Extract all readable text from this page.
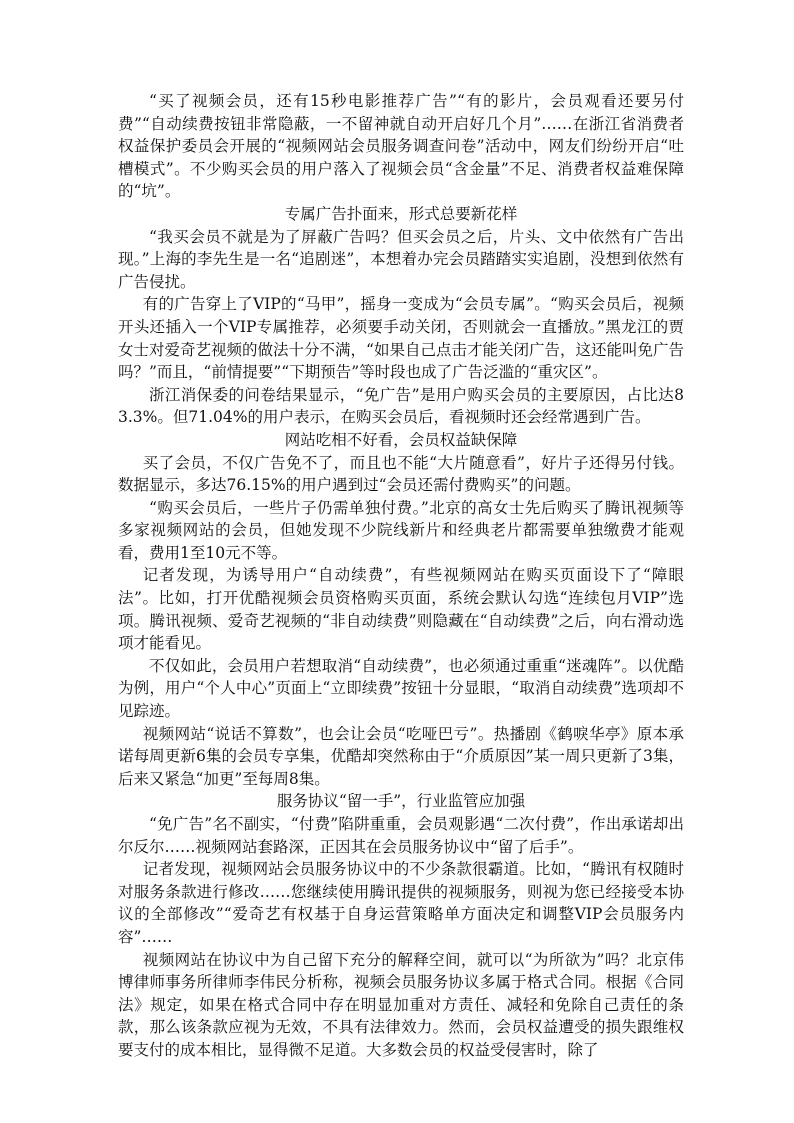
“买了视频会员，还有15秒电影推荐广告”“有的影片，会员观看还要另付费”“自动续费按钮非常隐蔽，一不留神就自动开启好几个月”……在浙江省消费者权益保护委员会开展的“视频网站会员服务调查问卷”活动中，网友们纷纷开启“吐槽模式”。不少购买会员的用户落入了视频会员“含金量”不足、消费者权益难保障的“坑”。

专属广告扑面来，形式总要新花样

“我买会员不就是为了屏蔽广告吗？但买会员之后，片头、文中依然有广告出现。”上海的李先生是一名“追剧迷”，本想着办完会员踏踏实实追剧，没想到依然有广告侵扰。

有的广告穿上了VIP的“马甲”，摇身一变成为“会员专属”。“购买会员后，视频开头还插入一个VIP专属推荐，必须要手动关闭，否则就会一直播放。”黑龙江的贾女士对爱奇艺视频的做法十分不满，“如果自己点击才能关闭广告，这还能叫免广告吗？”而且，“前情提要”“下期预告”等时段也成了广告泛滥的“重灾区”。

浙江消保委的问卷结果显示，“免广告”是用户购买会员的主要原因，占比达83.3%。但71.04%的用户表示，在购买会员后，看视频时还会经常遇到广告。

网站吃相不好看，会员权益缺保障

买了会员，不仅广告免不了，而且也不能“大片随意看”，好片子还得另付钱。数据显示，多达76.15%的用户遇到过“会员还需付费购买”的问题。

“购买会员后，一些片子仍需单独付费。”北京的高女士先后购买了腾讯视频等多家视频网站的会员，但她发现不少院线新片和经典老片都需要单独缴费才能观看，费用1至10元不等。

记者发现，为诱导用户“自动续费”，有些视频网站在购买页面设下了“障眼法”。比如，打开优酷视频会员资格购买页面，系统会默认勾选“连续包月VIP”选项。腾讯视频、爱奇艺视频的“非自动续费”则隐藏在“自动续费”之后，向右滑动选项才能看见。

不仅如此，会员用户若想取消“自动续费”，也必须通过重重“迷魂阵”。以优酷为例，用户“个人中心”页面上“立即续费”按钮十分显眼，“取消自动续费”选项却不见踪迹。

视频网站“说话不算数”，也会让会员“吃哑巴亏”。热播剧《鹤唳华亭》原本承诺每周更新6集的会员专享集，优酷却突然称由于“介质原因”某一周只更新了3集，后来又紧急“加更”至每周8集。

服务协议“留一手”，行业监管应加强

“免广告”名不副实，“付费”陷阱重重，会员观影遇“二次付费”，作出承诺却出尔反尔……视频网站套路深，正因其在会员服务协议中“留了后手”。

记者发现，视频网站会员服务协议中的不少条款很霸道。比如，“腾讯有权随时对服务条款进行修改……您继续使用腾讯提供的视频服务，则视为您已经接受本协议的全部修改”“爱奇艺有权基于自身运营策略单方面决定和调整VIP会员服务内容”……

视频网站在协议中为自己留下充分的解释空间，就可以“为所欲为”吗？北京伟博律师事务所律师李伟民分析称，视频会员服务协议多属于格式合同。根据《合同法》规定，如果在格式合同中存在明显加重对方责任、减轻和免除自己责任的条款，那么该条款应视为无效，不具有法律效力。然而，会员权益遭受的损失跟维权要支付的成本相比，显得微不足道。大多数会员的权益受侵害时，除了
